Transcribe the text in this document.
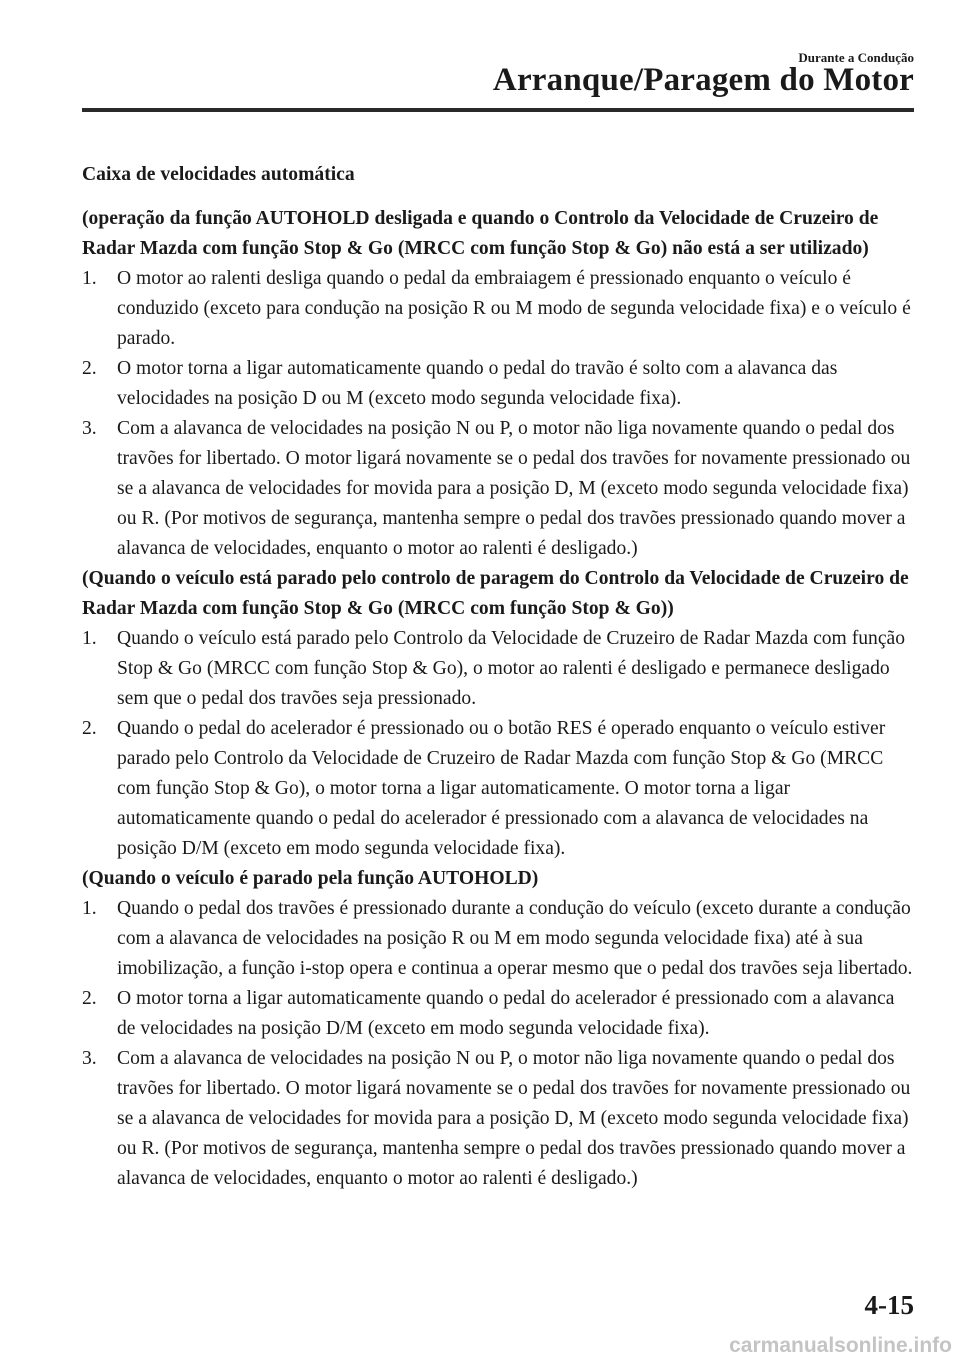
Durante a Condução
Arranque/Paragem do Motor

Caixa de velocidades automática

(operação da função AUTOHOLD desligada e quando o Controlo da Velocidade de Cruzeiro de Radar Mazda com função Stop & Go (MRCC com função Stop & Go) não está a ser utilizado)

1. O motor ao ralenti desliga quando o pedal da embraiagem é pressionado enquanto o veículo é conduzido (exceto para condução na posição R ou M modo de segunda velocidade fixa) e o veículo é parado.
2. O motor torna a ligar automaticamente quando o pedal do travão é solto com a alavanca das velocidades na posição D ou M (exceto modo segunda velocidade fixa).
3. Com a alavanca de velocidades na posição N ou P, o motor não liga novamente quando o pedal dos travões for libertado. O motor ligará novamente se o pedal dos travões for novamente pressionado ou se a alavanca de velocidades for movida para a posição D, M (exceto modo segunda velocidade fixa) ou R. (Por motivos de segurança, mantenha sempre o pedal dos travões pressionado quando mover a alavanca de velocidades, enquanto o motor ao ralenti é desligado.)

(Quando o veículo está parado pelo controlo de paragem do Controlo da Velocidade de Cruzeiro de Radar Mazda com função Stop & Go (MRCC com função Stop & Go))

1. Quando o veículo está parado pelo Controlo da Velocidade de Cruzeiro de Radar Mazda com função Stop & Go (MRCC com função Stop & Go), o motor ao ralenti é desligado e permanece desligado sem que o pedal dos travões seja pressionado.
2. Quando o pedal do acelerador é pressionado ou o botão RES é operado enquanto o veículo estiver parado pelo Controlo da Velocidade de Cruzeiro de Radar Mazda com função Stop & Go (MRCC com função Stop & Go), o motor torna a ligar automaticamente. O motor torna a ligar automaticamente quando o pedal do acelerador é pressionado com a alavanca de velocidades na posição D/M (exceto em modo segunda velocidade fixa).

(Quando o veículo é parado pela função AUTOHOLD)

1. Quando o pedal dos travões é pressionado durante a condução do veículo (exceto durante a condução com a alavanca de velocidades na posição R ou M em modo segunda velocidade fixa) até à sua imobilização, a função i-stop opera e continua a operar mesmo que o pedal dos travões seja libertado.
2. O motor torna a ligar automaticamente quando o pedal do acelerador é pressionado com a alavanca de velocidades na posição D/M (exceto em modo segunda velocidade fixa).
3. Com a alavanca de velocidades na posição N ou P, o motor não liga novamente quando o pedal dos travões for libertado. O motor ligará novamente se o pedal dos travões for novamente pressionado ou se a alavanca de velocidades for movida para a posição D, M (exceto modo segunda velocidade fixa) ou R. (Por motivos de segurança, mantenha sempre o pedal dos travões pressionado quando mover a alavanca de velocidades, enquanto o motor ao ralenti é desligado.)
4-15
carmanualsonline.info
